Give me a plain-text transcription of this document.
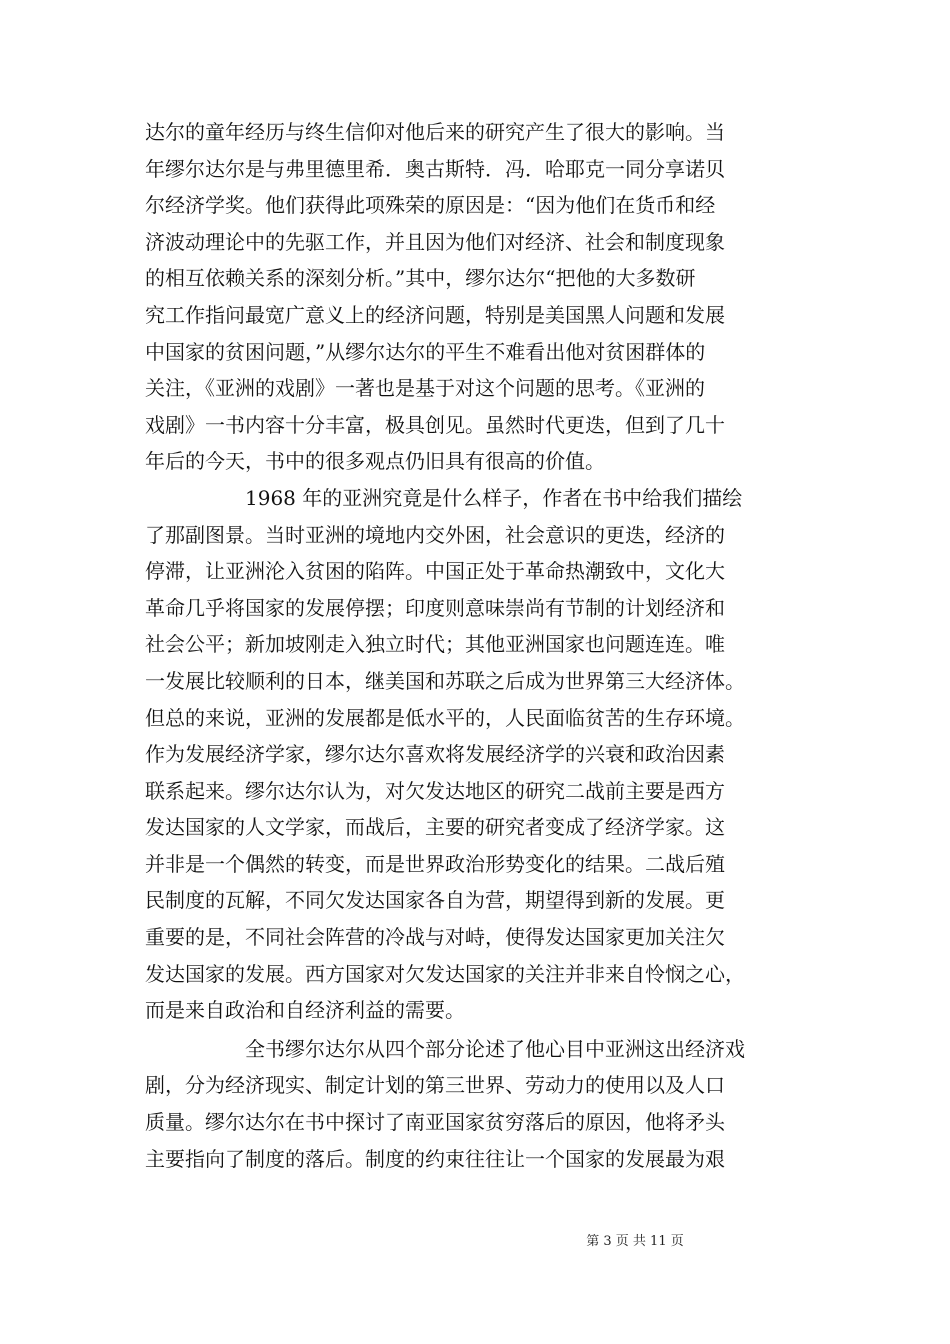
达尔的童年经历与终生信仰对他后来的研究产生了很大的影响。当
年缪尔达尔是与弗里德里希．奥古斯特．冯．哈耶克一同分享诺贝
尔经济学奖。他们获得此项殊荣的原因是：“因为他们在货币和经
济波动理论中的先驱工作，并且因为他们对经济、社会和制度现象
的相互依赖关系的深刻分析。”其中，缪尔达尔“把他的大多数研
究工作指问最宽广意义上的经济问题，特别是美国黑人问题和发展
中国家的贫困问题，”从缪尔达尔的平生不难看出他对贫困群体的
关注，《亚洲的戏剧》一著也是基于对这个问题的思考。《亚洲的
戏剧》一书内容十分丰富，极具创见。虽然时代更迭，但到了几十
年后的今天，书中的很多观点仍旧具有很高的价值。
1968 年的亚洲究竟是什么样子，作者在书中给我们描绘
了那副图景。当时亚洲的境地内交外困，社会意识的更迭，经济的
停滞，让亚洲沦入贫困的陷阵。中国正处于革命热潮致中，文化大
革命几乎将国家的发展停摆；印度则意味崇尚有节制的计划经济和
社会公平；新加坡刚走入独立时代；其他亚洲国家也问题连连。唯
一发展比较顺利的日本，继美国和苏联之后成为世界第三大经济体。
但总的来说，亚洲的发展都是低水平的，人民面临贫苦的生存环境。
作为发展经济学家，缪尔达尔喜欢将发展经济学的兴衰和政治因素
联系起来。缪尔达尔认为，对欠发达地区的研究二战前主要是西方
发达国家的人文学家，而战后，主要的研究者变成了经济学家。这
并非是一个偶然的转变，而是世界政治形势变化的结果。二战后殖
民制度的瓦解，不同欠发达国家各自为营，期望得到新的发展。更
重要的是，不同社会阵营的冷战与对峙，使得发达国家更加关注欠
发达国家的发展。西方国家对欠发达国家的关注并非来自怜悯之心，
而是来自政治和自经济利益的需要。
全书缪尔达尔从四个部分论述了他心目中亚洲这出经济戏
剧，分为经济现实、制定计划的第三世界、劳动力的使用以及人口
质量。缪尔达尔在书中探讨了南亚国家贫穷落后的原因，他将矛头
主要指向了制度的落后。制度的约束往往让一个国家的发展最为艰
第 3 页 共 11 页
